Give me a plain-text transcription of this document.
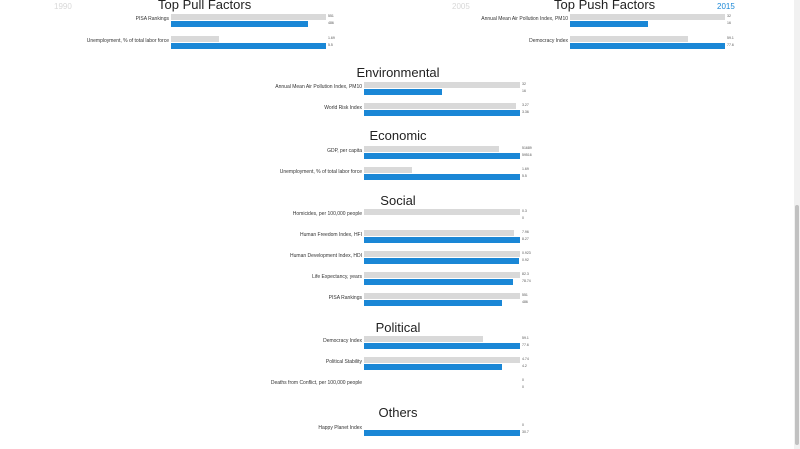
1990	2005	2015
Top Pull Factors
PISA Rankings	551
486
Unemployment, % of total labor force	1.69
5.5
Top Push Factors
Annual Mean Air Pollution Index, PM10	32
16
Democracy Index	59.1
77.6
Environmental
Annual Mean Air Pollution Index, PM10	32
16
World Risk Index	3.27
3.36
Economic
GDP, per capita	51689
59516
Unemployment, % of total labor force	1.69
5.5
Social
Homicides, per 100,000 people	0.3
0
Human Freedom Index, HFI	7.96
8.27
Human Development Index, HDI	0.923
0.92
Life Expectancy, years	82.3
78.74
PISA Rankings	551
486
Political
Democracy Index	59.1
77.6
Political Stability	4.74
4.2
Deaths from Conflict, per 100,000 people	0
0
Others
Happy Planet Index	0
30.7
